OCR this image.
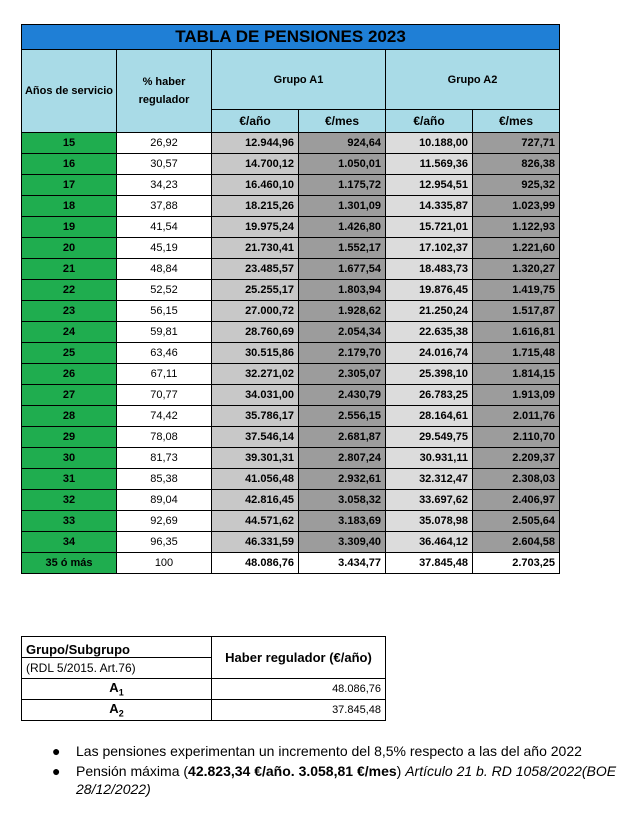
TABLA DE PENSIONES 2023					
Años de servicio	% haber regulador	Grupo A1		Grupo A2	
		€/año	€/mes	€/año	€/mes
15	26,92	12.944,96	924,64	10.188,00	727,71
16	30,57	14.700,12	1.050,01	11.569,36	826,38
17	34,23	16.460,10	1.175,72	12.954,51	925,32
18	37,88	18.215,26	1.301,09	14.335,87	1.023,99
19	41,54	19.975,24	1.426,80	15.721,01	1.122,93
20	45,19	21.730,41	1.552,17	17.102,37	1.221,60
21	48,84	23.485,57	1.677,54	18.483,73	1.320,27
22	52,52	25.255,17	1.803,94	19.876,45	1.419,75
23	56,15	27.000,72	1.928,62	21.250,24	1.517,87
24	59,81	28.760,69	2.054,34	22.635,38	1.616,81
25	63,46	30.515,86	2.179,70	24.016,74	1.715,48
26	67,11	32.271,02	2.305,07	25.398,10	1.814,15
27	70,77	34.031,00	2.430,79	26.783,25	1.913,09
28	74,42	35.786,17	2.556,15	28.164,61	2.011,76
29	78,08	37.546,14	2.681,87	29.549,75	2.110,70
30	81,73	39.301,31	2.807,24	30.931,11	2.209,37
31	85,38	41.056,48	2.932,61	32.312,47	2.308,03
32	89,04	42.816,45	3.058,32	33.697,62	2.406,97
33	92,69	44.571,62	3.183,69	35.078,98	2.505,64
34	96,35	46.331,59	3.309,40	36.464,12	2.604,58
35 ó más	100	48.086,76	3.434,77	37.845,48	2.703,25
Grupo/Subgrupo	Haber regulador (€/año)
(RDL 5/2015. Art.76)	
$A_1$	48.086,76
$A_2$	37.845,48
● Las pensiones experimentan un incremento del 8,5% respecto a las del año 2022
● Pensión máxima (42.823,34 €/año. 3.058,81 €/mes) Artículo 21 b. RD 1058/2022(BOE 28/12/2022)
